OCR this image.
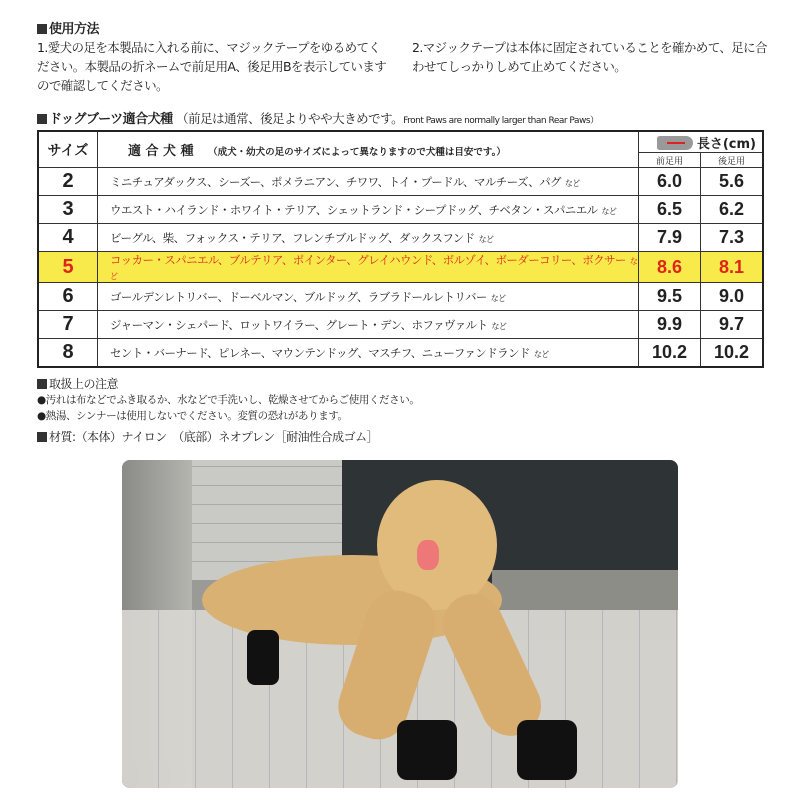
使用方法
1.愛犬の足を本製品に入れる前に、マジックテープをゆるめてください。本製品の折ネームで前足用A、後足用Bを表示していますので確認してください。
2.マジックテープは本体に固定されていることを確かめて、足に合わせてしっかりしめて止めてください。
ドッグブーツ適合犬種 （前足は通常、後足よりやや大きめです。Front Paws are normally larger than Rear Paws）
サイズ	適 合 犬 種 （成犬・幼犬の足のサイズによって異なりますので犬種は目安です。）	長さ(cm)	
		前足用	後足用
2	ミニチュアダックス、シーズー、ポメラニアン、チワワ、トイ・プードル、マルチーズ、パグ など	6.0	5.6
3	ウエスト・ハイランド・ホワイト・テリア、シェットランド・シープドッグ、チベタン・スパニエル など	6.5	6.2
4	ビーグル、柴、フォックス・テリア、フレンチブルドッグ、ダックスフンド など	7.9	7.3
5	コッカー・スパニエル、ブルテリア、ポインター、グレイハウンド、ボルゾイ、ボーダーコリー、ボクサー など	8.6	8.1
6	ゴールデンレトリバー、ドーベルマン、ブルドッグ、ラブラドールレトリバー など	9.5	9.0
7	ジャーマン・シェパード、ロットワイラー、グレート・デン、ホファヴァルト など	9.9	9.7
8	セント・バーナード、ピレネー、マウンテンドッグ、マスチフ、ニューファンドランド など	10.2	10.2
取扱上の注意
●汚れは布などでふき取るか、水などで手洗いし、乾燥させてからご使用ください。
●熱湯、シンナーは使用しないでください。変質の恐れがあります。
材質:（本体）ナイロン　（底部）ネオプレン［耐油性合成ゴム］
